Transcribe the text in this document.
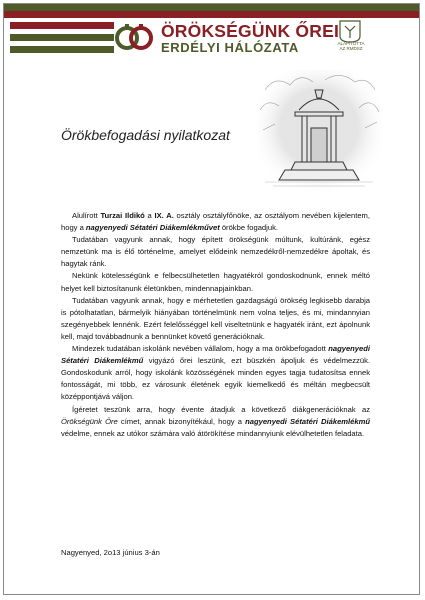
ÖRÖKSÉGÜNK ŐREI
ERDÉLYI HÁLÓZATA	ALAPÍTOTTA
AZ RMDSZ
Örökbefogadási nyilatkozat

Alulírott Turzai Ildikó a IX. A. osztály osztályfőnöke, az osztályom nevében kijelentem, hogy a nagyenyedi Sétatéri Diákemlékművet örökbe fogadjuk.

Tudatában vagyunk annak, hogy épített örökségünk múltunk, kultúránk, egész nemzetünk ma is élő történelme, amelyet elődeink nemzedékről-nemzedékre ápoltak, és hagytak ránk.

Nekünk kötelességünk e felbecsülhetetlen hagyatékról gondoskodnunk, ennek méltó helyet kell biztosítanunk életünkben, mindennapjainkban.

Tudatában vagyunk annak, hogy e mérhetetlen gazdagságú örökség legkisebb darabja is pótolhatatlan, bármelyik hiányában történelmünk nem volna teljes, és mi, mindannyian szegényebbek lennénk. Ezért felelősséggel kell viseltetnünk e hagyaték iránt, ezt ápolnunk kell, majd továbbadnunk a bennünket követő generációknak.

Mindezek tudatában iskolánk nevében vállalom, hogy a ma örökbefogadott nagyenyedi Sétatéri Diákemlékmű vigyázó őrei leszünk, ezt büszkén ápoljuk és védelmezzük. Gondoskodunk arról, hogy iskolánk közösségének minden egyes tagja tudatosítsa ennek fontosságát, mi több, ez városunk életének egyik kiemelkedő és méltán megbecsült középpontjává váljon.

Ígéretet teszünk arra, hogy évente átadjuk a következő diákgenerációknak az Örökségünk Őre címet, annak bizonyítékául, hogy a nagyenyedi Sétatéri Diákemlékmű védelme, ennek az utókor számára való átörökítése mindannyiunk elévülhetetlen feladata.

Nagyenyed, 2o13 június 3-án
